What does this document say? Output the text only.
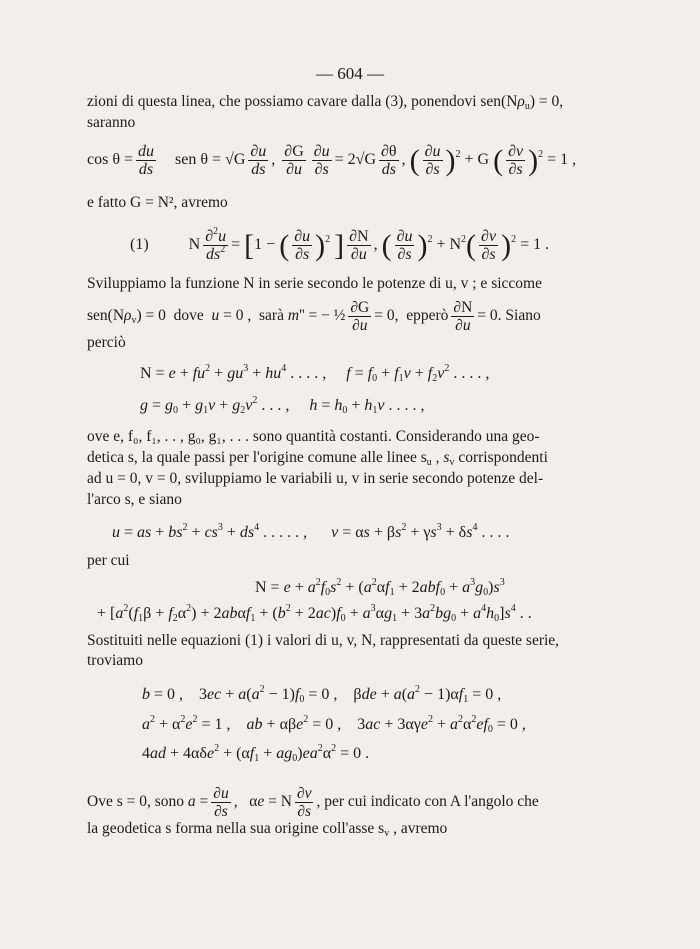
— 604 —
zioni di questa linea, che possiamo cavare dalla (3), ponendovi $sen(N\rho_u) = 0$,
saranno
$\cos \theta = \frac{du}{ds}$ sen $\theta = √G \frac{\partial u}{ds}$ , $\frac{\partial G}{\partial u} \frac{\partial u}{\partial s} = 2√G \frac{\partial\theta}{ds}$ , ( $\frac{\partial u}{\partial s} )^2 + G$ ( $\frac{\partial v}{\partial s} )^2 = 1$ ,
e fatto G = N², avremo
(1)          N $\frac{\partial^2u}{ds^2} = [1$ − ( $\frac{\partial u}{\partial s} )^2$ ] $\frac{\partial N}{\partial u}$ , ( $\frac{\partial u}{\partial s} )^2 + N^2( \frac{\partial v}{\partial s} )^2 = 1$ .
Sviluppiamo la funzione N in serie secondo le potenze di u, v ; e siccome
$sen(N\rho_v) = 0$  dove  u = 0 ,  sarà m'' = − ½ $\frac{\partial G}{\partial u} = 0$,  epperò $\frac{\partial N}{\partial u} = 0$. Siano
perciò
$N = e + fu^2 + gu^3 + hu^4$ . . . . ,     $f = f_0 + f_1v + f_2v^2$ . . . . ,
$g = g_0 + g_1v + g_2v^2$ . . . ,     $h = h_0 + h_1v$ . . . . ,
ove e, f₀, f₁, . . , g₀, g₁, . . . sono quantità costanti. Considerando una geo-
detica s, la quale passi per l'origine comune alle linee $s_u$ , $s_v$ corrispondenti
ad u = 0, v = 0, sviluppiamo le variabili u, v in serie secondo potenze del-
l'arco s, e siano
u = as + $bs^2 + cs^3 + ds^4$ . . . . . ,      $v = \alpha s + \beta s^2 + \gamma s^3 + \delta s^4$ . . . .
per cui
$N = e + a^2f_0s^2 + (a^2\alpha f_1 + 2abf_0 + a^3g_0)s^3$
+ $[a^2(f_1\beta + f_2\alpha^2) + 2ab\alpha f_1 + (b^2 + 2ac)f_0 + a^3\alpha g_1 + 3a^2bg_0 + a^4h_0]s^4$ . .
Sostituiti nelle equazioni (1) i valori di u, v, N, rappresentati da queste serie,
troviamo
b = 0 ,    $3ec + a(a^2 - 1)f_0 = 0$ ,    $\beta de + a(a^2 - 1)\alpha f_1 = 0$ ,
$a^2 + \alpha^2e^2 = 1$ ,    ab + αβe$^2$ = 0 ,    $3ac + 3\alpha\gamma e^2 + a^2\alpha^2ef_0 = 0$ ,
$4ad + 4\alpha\delta e^2 + (\alpha f_1 + ag_0)ea^2\alpha^2 = 0$ .
Ove s = 0, sono $a = \frac{\partial u}{\partial s}$ ,   αe = N $\frac{\partial v}{\partial s}$ , per cui indicato con A l'angolo che
la geodetica s forma nella sua origine coll'asse $s_v$ , avremo
